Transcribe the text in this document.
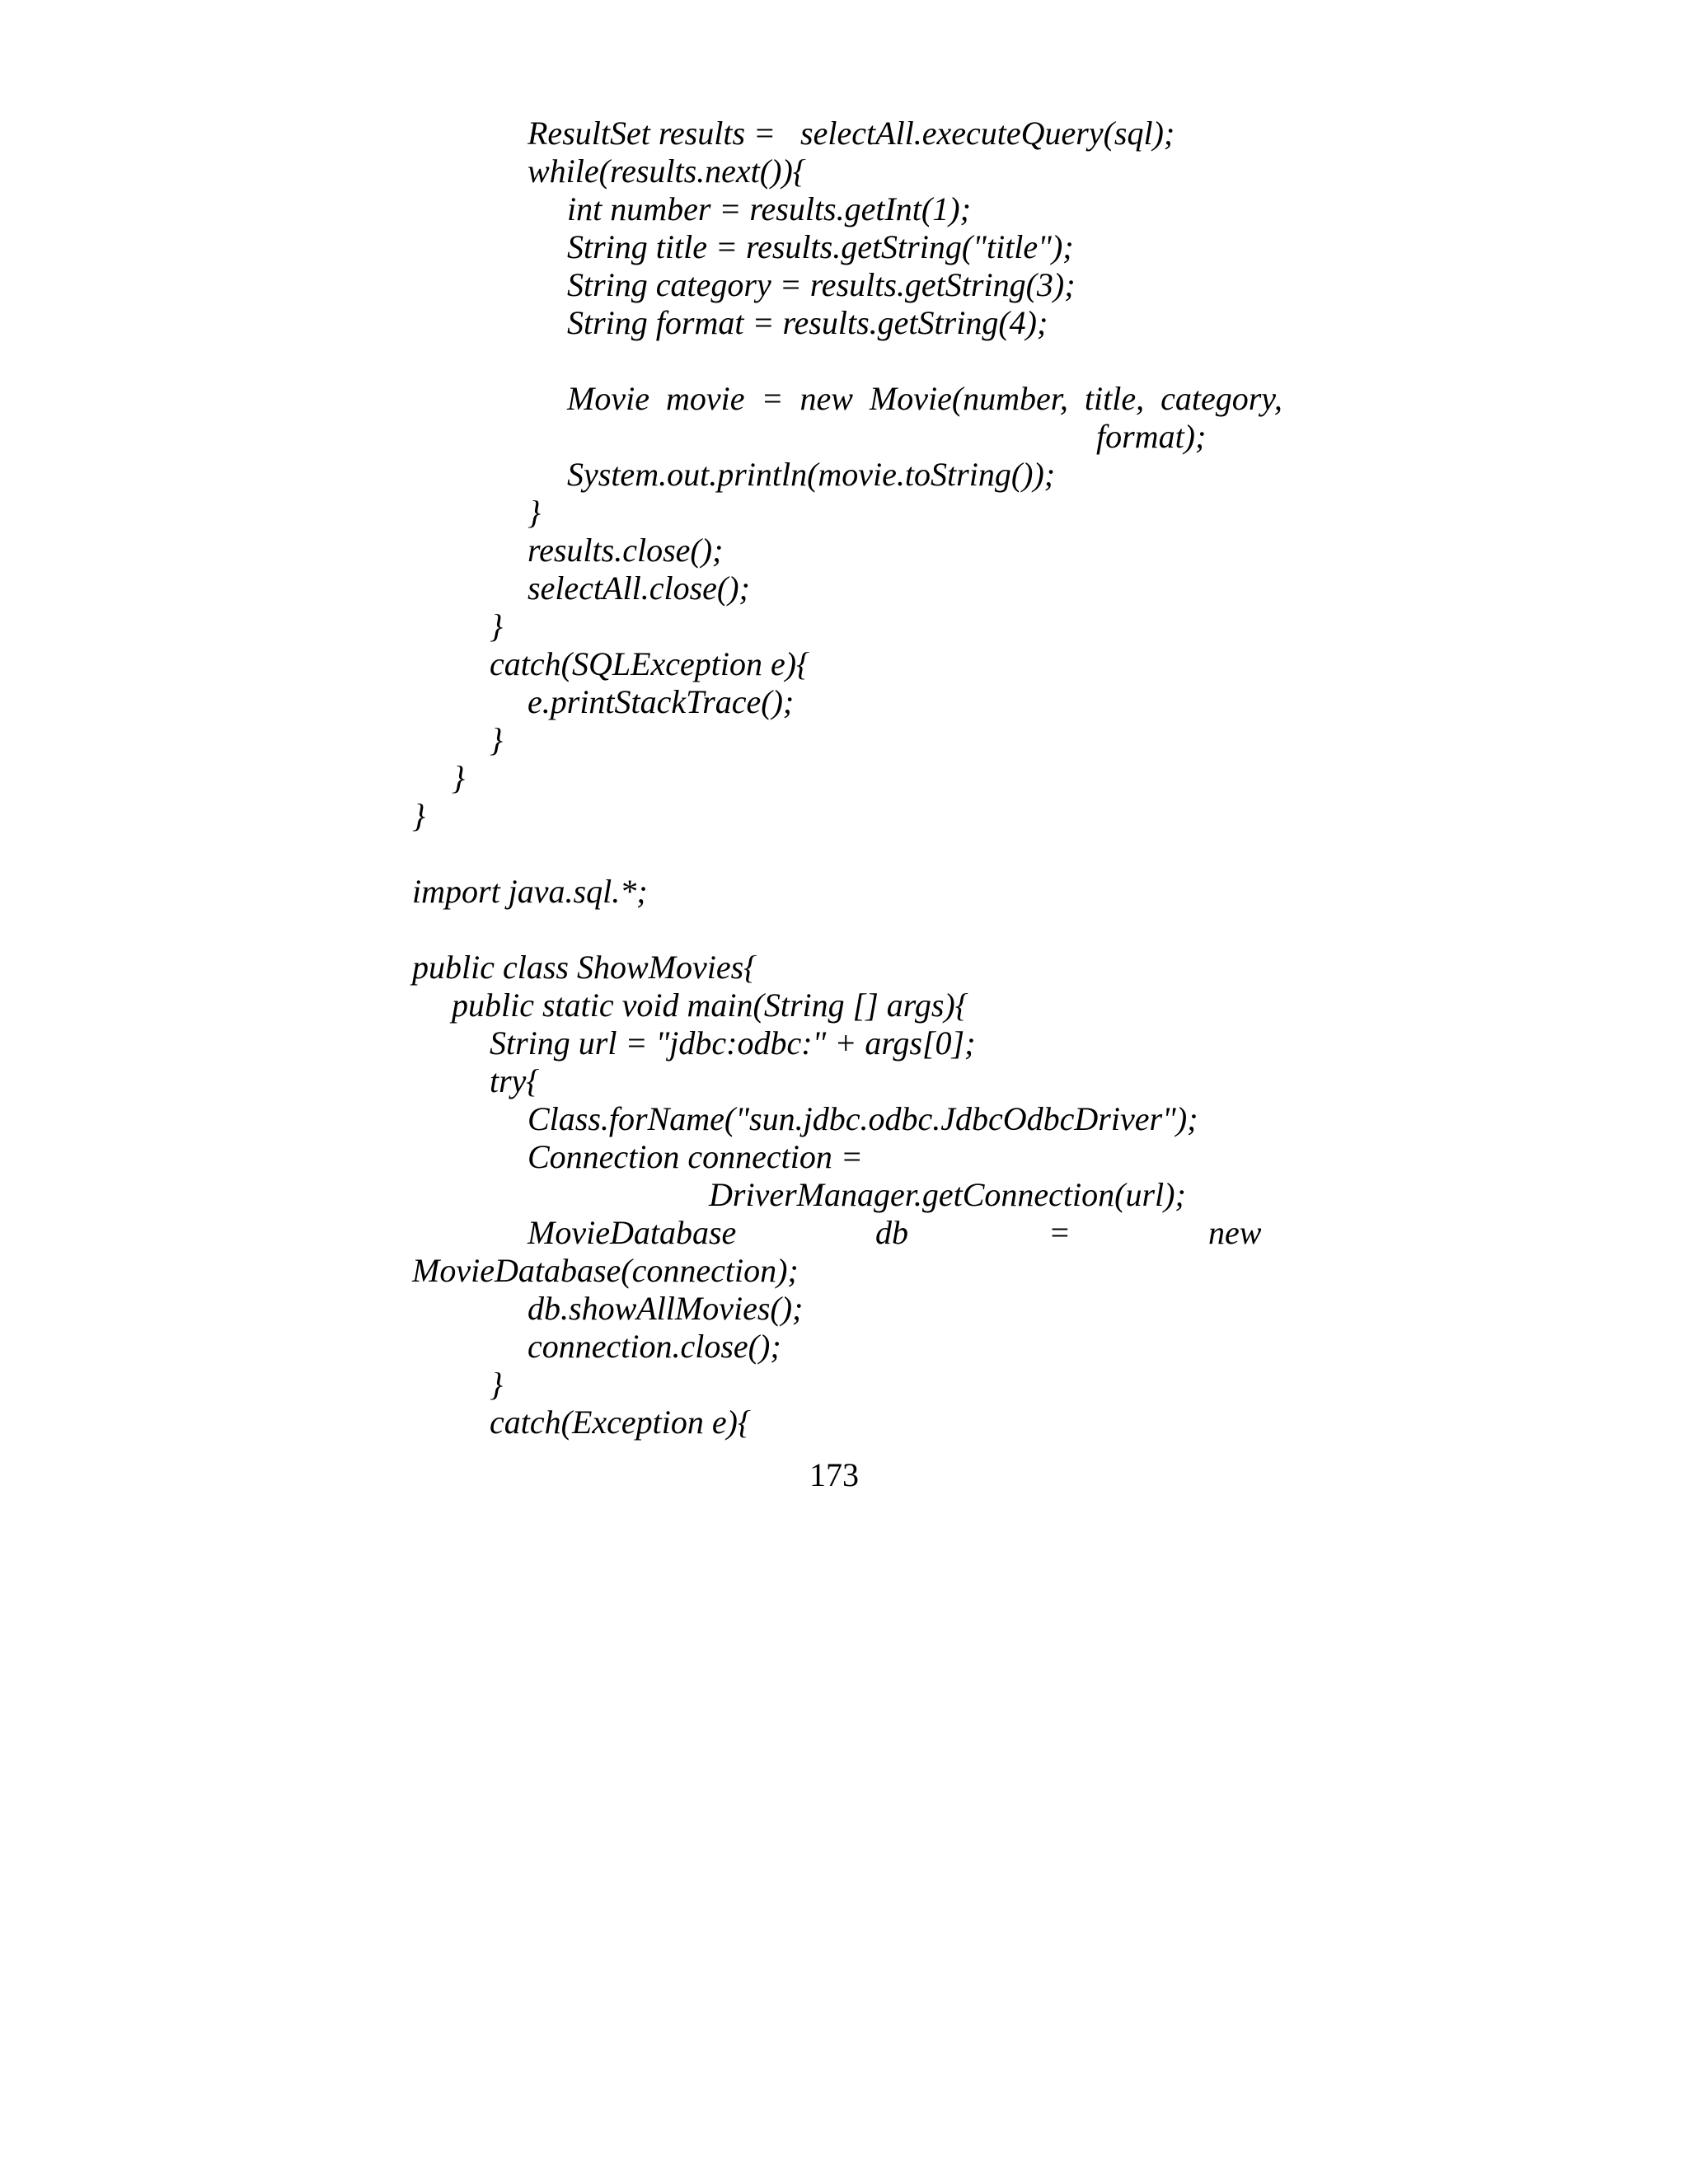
ResultSet results =   selectAll.executeQuery(sql);

while(results.next()){

int number = results.getInt(1);

String title = results.getString("title");

String category = results.getString(3);

String format = results.getString(4);

Movie  movie  =  new  Movie(number,  title,  category,

format);

System.out.println(movie.toString());

}

results.close();

selectAll.close();

}

catch(SQLException e){

e.printStackTrace();

}

}

}

import java.sql.*;

public class ShowMovies{

public static void main(String [] args){

String url = "jdbc:odbc:" + args[0];

try{

Class.forName("sun.jdbc.odbc.JdbcOdbcDriver");

Connection connection =

DriverManager.getConnection(url);

MovieDatabase	db	=	new

MovieDatabase(connection);

db.showAllMovies();

connection.close();

}

catch(Exception e){

173
